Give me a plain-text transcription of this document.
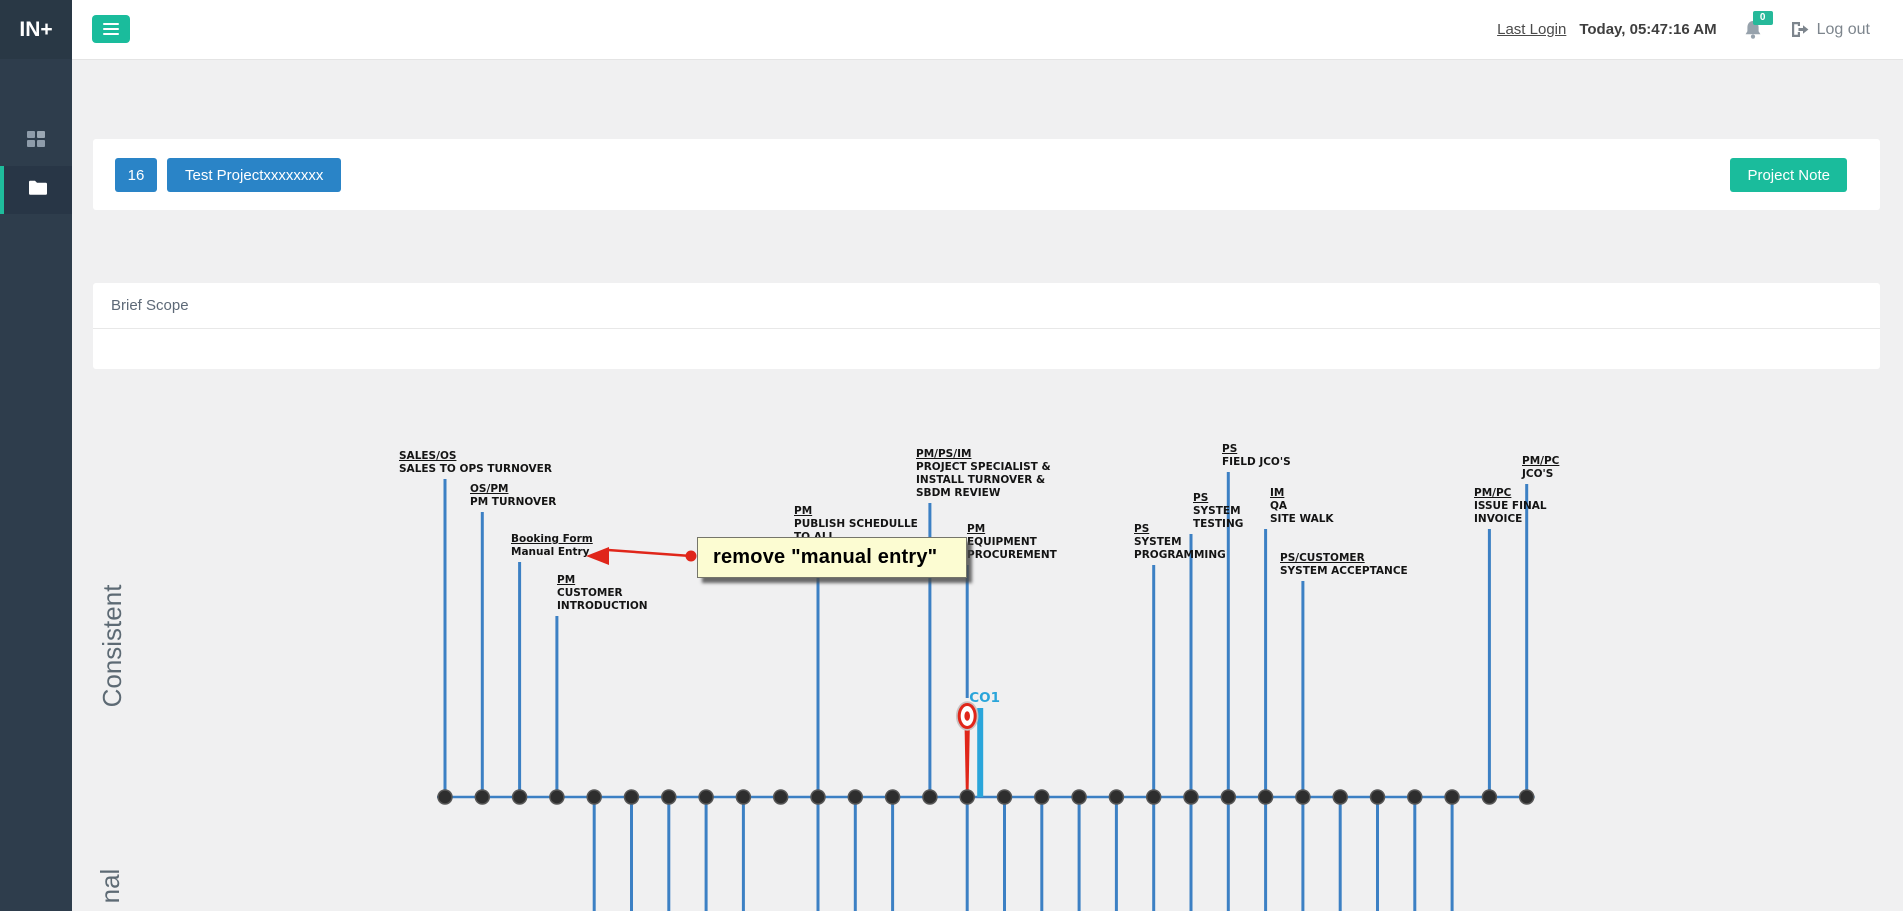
Consistent
nal
CO1
remove "manual entry"
SALES/OS
SALES TO OPS TURNOVER
OS/PM
PM TURNOVER
Booking Form
Manual Entry
PM
CUSTOMER
INTRODUCTION
PM
PUBLISH SCHEDULLE
PM/PS/IM
PROJECT SPECIALIST &
INSTALL TURNOVER &
SBDM REVIEW
PM
EQUIPMENT
PROCUREMENT
PS
SYSTEM
PROGRAMMING
PS
SYSTEM
TESTING
PS
FIELD JCO'S
IM
QA
SITE WALK
PS/CUSTOMER
SYSTEM ACCEPTANCE
PM/PC
ISSUE FINAL
INVOICE
PM/PC
JCO'S
IN+	Last Login Today, 05:47:16 AM
0
Log out
16	Test Projectxxxxxxxx	Project Note
Brief Scope
